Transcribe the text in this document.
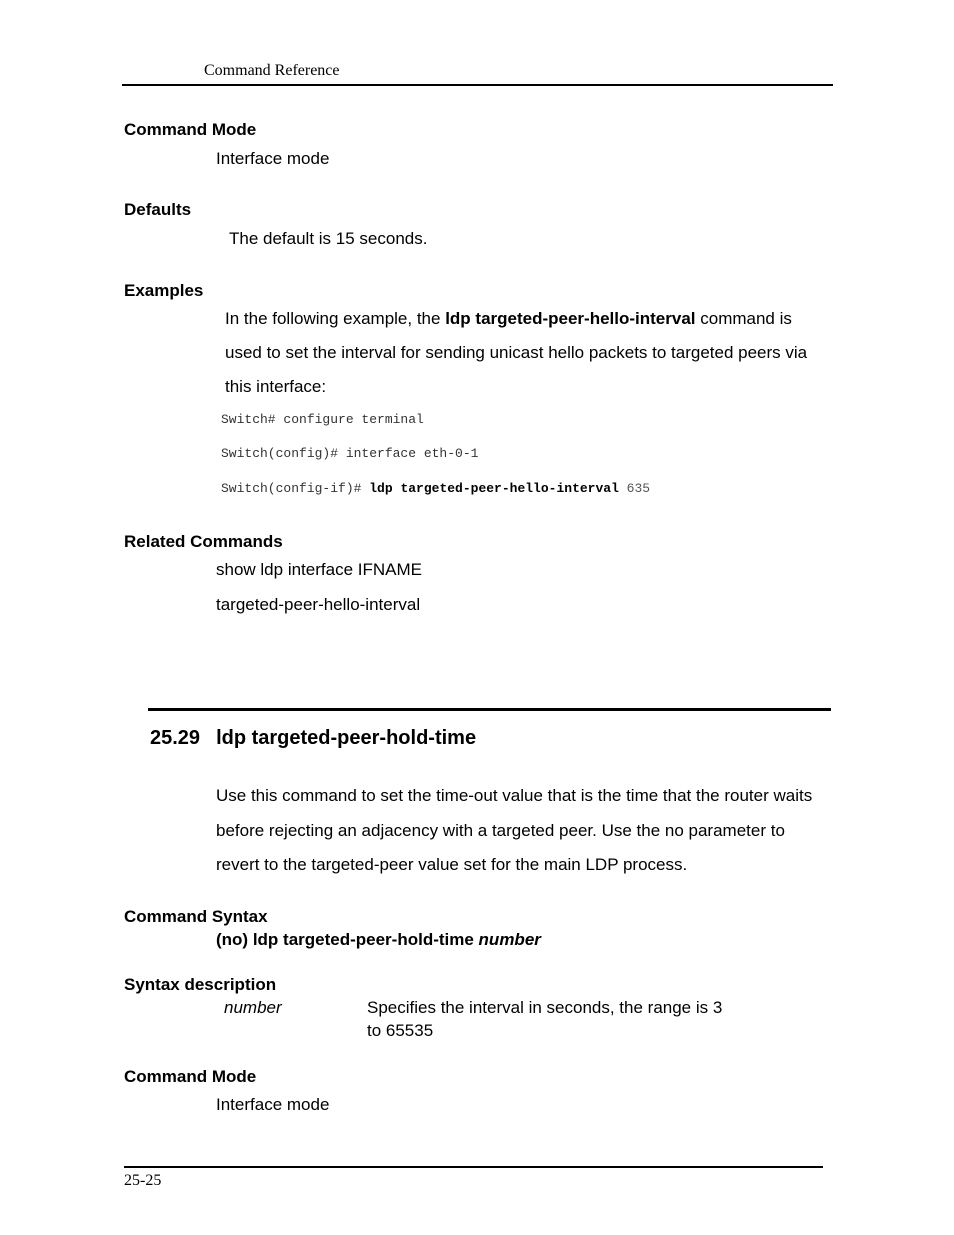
Command Reference
Command Mode
Interface mode
Defaults
The default is 15 seconds.
Examples
In the following example, the ldp targeted-peer-hello-interval command is
used to set the interval for sending unicast hello packets to targeted peers via
this interface:
Switch# configure terminal
Switch(config)# interface eth-0-1
Switch(config-if)# ldp targeted-peer-hello-interval 635
Related Commands
show ldp interface IFNAME
targeted-peer-hello-interval
25.29 ldp targeted-peer-hold-time
Use this command to set the time-out value that is the time that the router waits
before rejecting an adjacency with a targeted peer. Use the no parameter to
revert to the targeted-peer value set for the main LDP process.
Command Syntax
(no) ldp targeted-peer-hold-time number
Syntax description
number	Specifies the interval in seconds, the range is 3
to 65535
Command Mode
Interface mode
25-25
